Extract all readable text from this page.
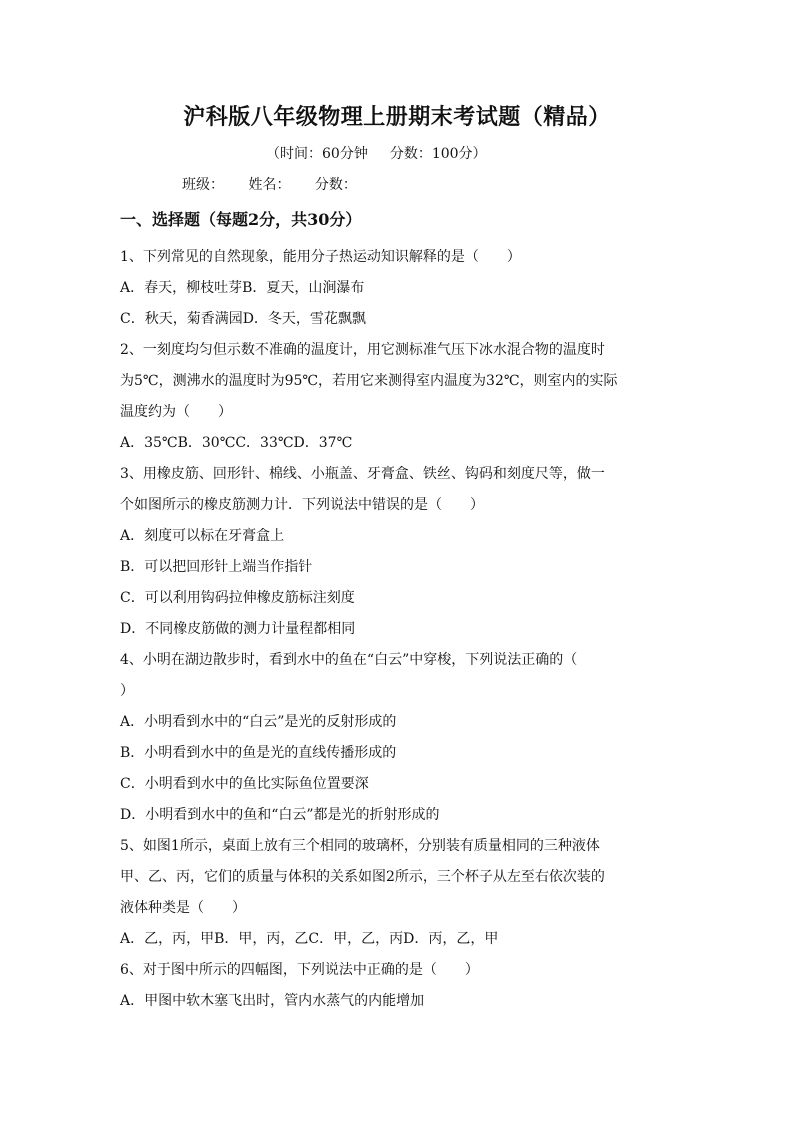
沪科版八年级物理上册期末考试题（精品）
（时间：60分钟 分数：100分）
班级： 姓名： 分数：
一、选择题（每题2分，共30分）

1、下列常见的自然现象，能用分子热运动知识解释的是（　　）

A．春天，柳枝吐芽B．夏天，山涧瀑布

C．秋天，菊香满园D．冬天，雪花飘飘

2、一刻度均匀但示数不准确的温度计，用它测标准气压下冰水混合物的温度时

为5℃，测沸水的温度时为95℃，若用它来测得室内温度为32℃，则室内的实际

温度约为（　　）

A．35℃B．30℃C．33℃D．37℃

3、用橡皮筋、回形针、棉线、小瓶盖、牙膏盒、铁丝、钩码和刻度尺等，做一

个如图所示的橡皮筋测力计．下列说法中错误的是（　　）

A．刻度可以标在牙膏盒上

B．可以把回形针上端当作指针

C．可以利用钩码拉伸橡皮筋标注刻度

D．不同橡皮筋做的测力计量程都相同

4、小明在湖边散步时，看到水中的鱼在“白云”中穿梭，下列说法正确的（

）

A．小明看到水中的“白云”是光的反射形成的

B．小明看到水中的鱼是光的直线传播形成的

C．小明看到水中的鱼比实际鱼位置要深

D．小明看到水中的鱼和“白云”都是光的折射形成的

5、如图1所示，桌面上放有三个相同的玻璃杯，分别装有质量相同的三种液体

甲、乙、丙，它们的质量与体积的关系如图2所示，三个杯子从左至右依次装的

液体种类是（　　）

A．乙，丙，甲B．甲，丙，乙C．甲，乙，丙D．丙，乙，甲

6、对于图中所示的四幅图，下列说法中正确的是（　　）

A．甲图中软木塞飞出时，管内水蒸气的内能增加
